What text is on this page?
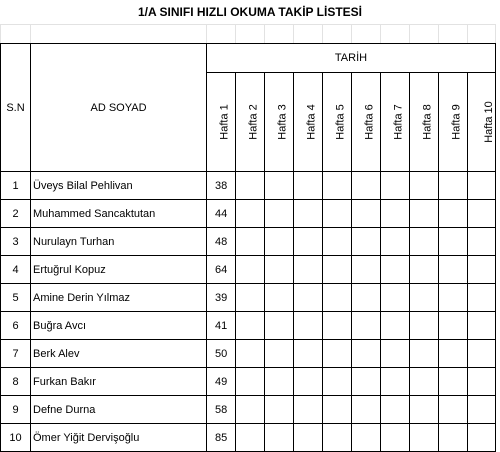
1/A SINIFI HIZLI OKUMA TAKİP LİSTESİ

S.N	AD SOYAD	TARİH									
		Hafta 1	Hafta 2	Hafta 3	Hafta 4	Hafta 5	Hafta 6	Hafta 7	Hafta 8	Hafta 9	Hafta 10
1	Üveys Bilal Pehlivan	38									
2	Muhammed Sancaktutan	44									
3	Nurulayn Turhan	48									
4	Ertuğrul Kopuz	64									
5	Amine Derin Yılmaz	39									
6	Buğra Avcı	41									
7	Berk Alev	50									
8	Furkan Bakır	49									
9	Defne Durna	58									
10	Ömer Yiğit Dervişoğlu	85									
